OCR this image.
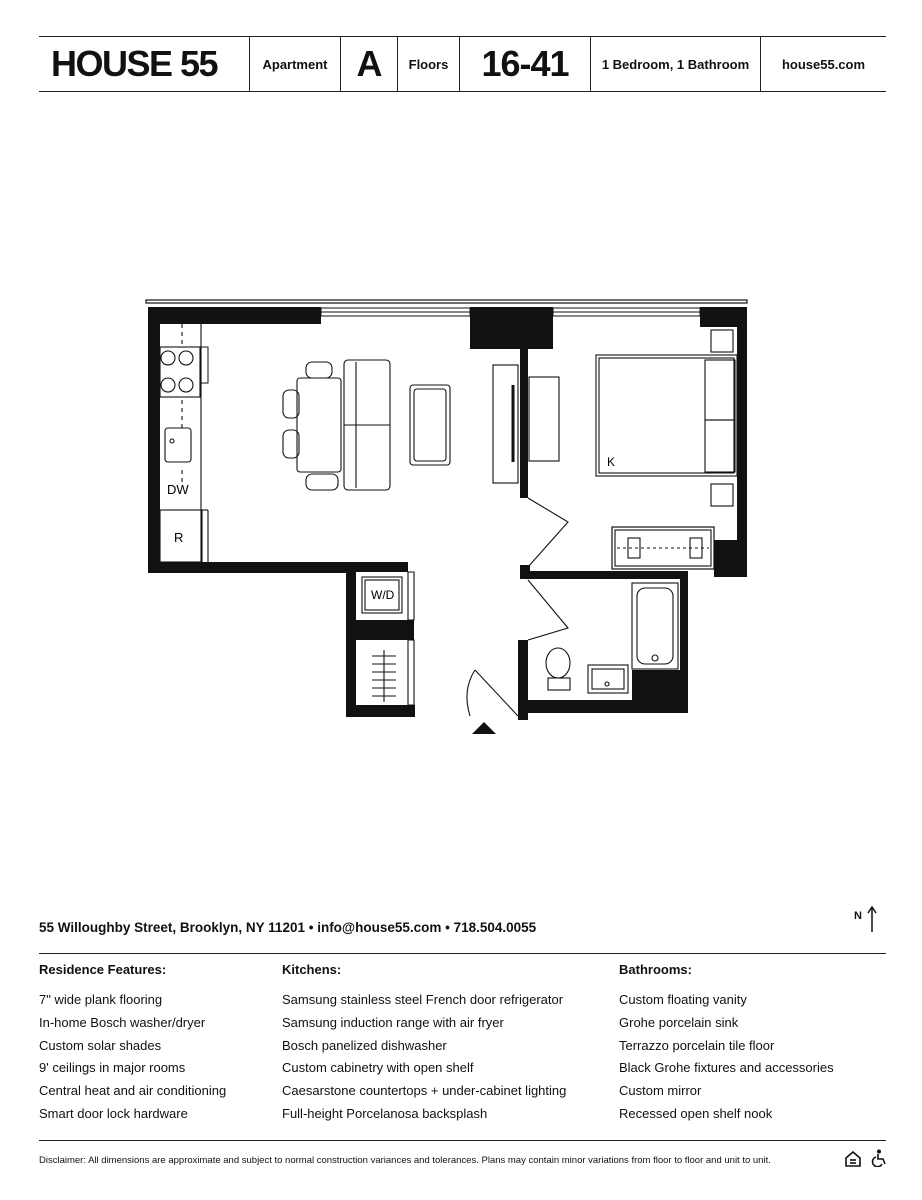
HOUSE 55	Apartment A Floors 16-41	1 Bedroom, 1 Bathroom	house55.com
DW
R
K
W/D
55 Willoughby Street, Brooklyn, NY 11201 • info@house55.com • 718.504.0055
N
Residence Features:
7" wide plank flooring
In-home Bosch washer/dryer
Custom solar shades
9' ceilings in major rooms
Central heat and air conditioning
Smart door lock hardware
Kitchens:
Samsung stainless steel French door refrigerator
Samsung induction range with air fryer
Bosch panelized dishwasher
Custom cabinetry with open shelf
Caesarstone countertops + under-cabinet lighting
Full-height Porcelanosa backsplash
Bathrooms:
Custom floating vanity
Grohe porcelain sink
Terrazzo porcelain tile floor
Black Grohe fixtures and accessories
Custom mirror
Recessed open shelf nook
Disclaimer: All dimensions are approximate and subject to normal construction variances and tolerances. Plans may contain minor variations from floor to floor and unit to unit.
